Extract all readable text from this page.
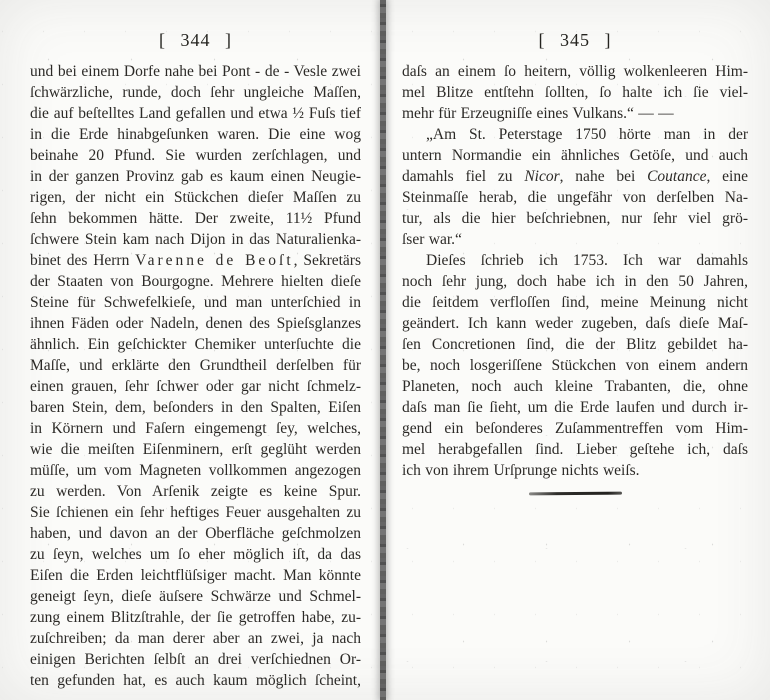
[ 344 ]
und bei einem Dorfe nahe bei Pont - de - Vesle zwei
ſchwärzliche, runde, doch ſehr ungleiche Maſſen,
die auf beſtelltes Land gefallen und etwa ½ Fuſs tief
in die Erde hinabgeſunken waren. Die eine wog
beinahe 20 Pfund. Sie wurden zerſchlagen, und
in der ganzen Provinz gab es kaum einen Neugie-
rigen, der nicht ein Stückchen dieſer Maſſen zu
ſehn bekommen hätte. Der zweite, 11½ Pfund
ſchwere Stein kam nach Dijon in das Naturalienka-
binet des Herrn Varenne de Beoſt, Sekretärs
der Staaten von Bourgogne. Mehrere hielten dieſe
Steine für Schwefelkieſe, und man unterſchied in
ihnen Fäden oder Nadeln, denen des Spieſsglanzes
ähnlich. Ein geſchickter Chemiker unterſuchte die
Maſſe, und erklärte den Grundtheil derſelben für
einen grauen, ſehr ſchwer oder gar nicht ſchmelz-
baren Stein, dem, beſonders in den Spalten, Eiſen
in Körnern und Faſern eingemengt ſey, welches,
wie die meiſten Eiſenminern, erſt geglüht werden
müſſe, um vom Magneten vollkommen angezogen
zu werden. Von Arſenik zeigte es keine Spur.
Sie ſchienen ein ſehr heftiges Feuer ausgehalten zu
haben, und davon an der Oberfläche geſchmolzen
zu ſeyn, welches um ſo eher möglich iſt, da das
Eiſen die Erden leichtflüſsiger macht. Man könnte
geneigt ſeyn, dieſe äuſsere Schwärze und Schmel-
zung einem Blitzſtrahle, der ſie getroffen habe, zu-
zuſchreiben; da man derer aber an zwei, ja nach
einigen Berichten ſelbſt an drei verſchiednen Or-
ten gefunden hat, es auch kaum möglich ſcheint,
[ 345 ]
daſs an einem ſo heitern, völlig wolkenleeren Him-
mel Blitze entſtehn ſollten, ſo halte ich ſie viel-
mehr für Erzeugniſſe eines Vulkans.“ — —
„Am St. Peterstage 1750 hörte man in der
untern Normandie ein ähnliches Getöſe, und auch
damahls fiel zu Nicor, nahe bei Coutance, eine
Steinmaſſe herab, die ungefähr von derſelben Na-
tur, als die hier beſchriebnen, nur ſehr viel grö-
ſser war.“
Dieſes ſchrieb ich 1753. Ich war damahls
noch ſehr jung, doch habe ich in den 50 Jahren,
die ſeitdem verfloſſen ſind, meine Meinung nicht
geändert. Ich kann weder zugeben, daſs dieſe Maſ-
ſen Concretionen ſind, die der Blitz gebildet ha-
be, noch losgeriſſene Stückchen von einem andern
Planeten, noch auch kleine Trabanten, die, ohne
daſs man ſie ſieht, um die Erde laufen und durch ir-
gend ein beſonderes Zuſammentreffen vom Him-
mel herabgefallen ſind. Lieber geſtehe ich, daſs
ich von ihrem Urſprunge nichts weiſs.
